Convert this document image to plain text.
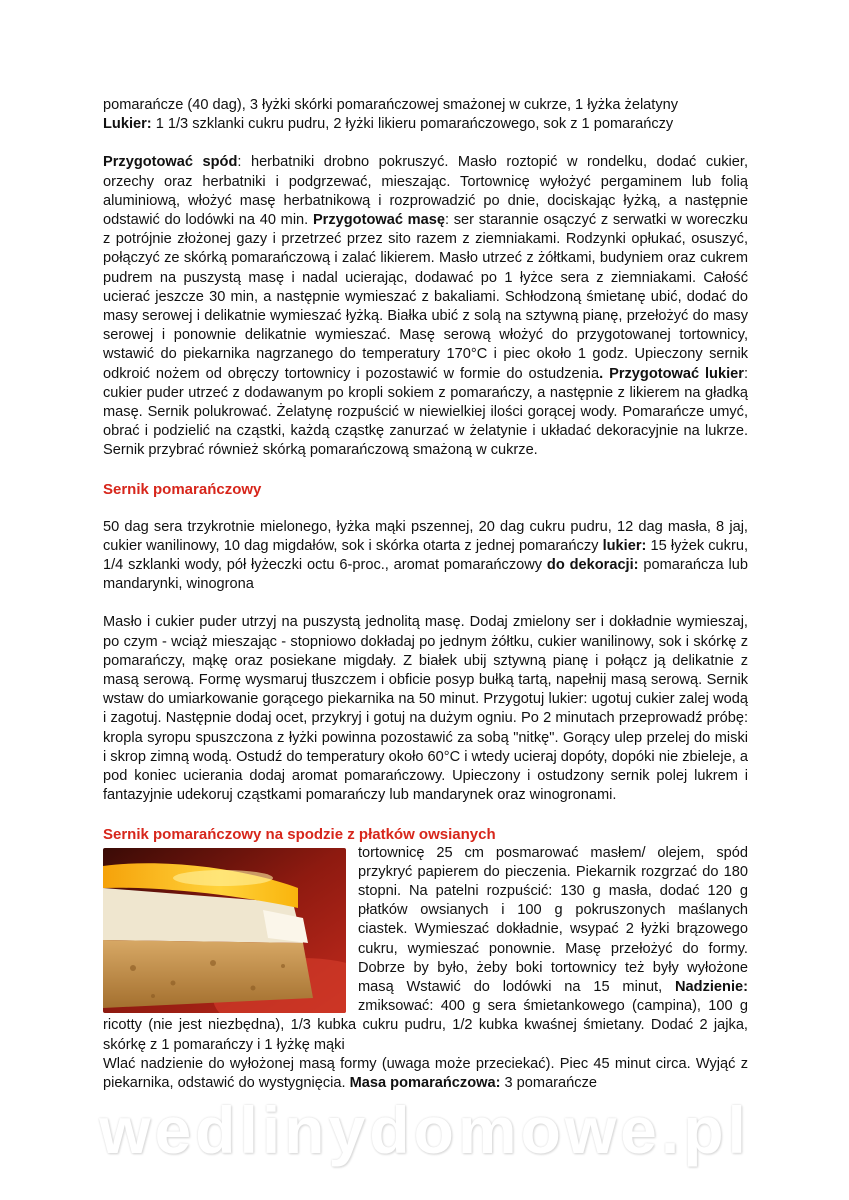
pomarańcze (40 dag), 3 łyżki skórki pomarańczowej smażonej w cukrze, 1 łyżka żelatyny
Lukier: 1 1/3 szklanki cukru pudru, 2 łyżki likieru pomarańczowego, sok z 1 pomarańczy

Przygotować spód: herbatniki drobno pokruszyć. Masło roztopić w rondelku, dodać cukier, orzechy oraz herbatniki i podgrzewać, mieszając. Tortownicę wyłożyć pergaminem lub folią aluminiową, włożyć masę herbatnikową i rozprowadzić po dnie, dociskając łyżką, a następnie odstawić do lodówki na 40 min. Przygotować masę: ser starannie osączyć z serwatki w woreczku z potrójnie złożonej gazy i przetrzeć przez sito razem z ziemniakami. Rodzynki opłukać, osuszyć, połączyć ze skórką pomarańczową i zalać likierem. Masło utrzeć z żółtkami, budyniem oraz cukrem pudrem na puszystą masę i nadal ucierając, dodawać po 1 łyżce sera z ziemniakami. Całość ucierać jeszcze 30 min, a następnie wymieszać z bakaliami. Schłodzoną śmietanę ubić, dodać do masy serowej i delikatnie wymieszać łyżką. Białka ubić z solą na sztywną pianę, przełożyć do masy serowej i ponownie delikatnie wymieszać. Masę serową włożyć do przygotowanej tortownicy, wstawić do piekarnika nagrzanego do temperatury 170°C i piec około 1 godz. Upieczony sernik odkroić nożem od obręczy tortownicy i pozostawić w formie do ostudzenia. Przygotować lukier: cukier puder utrzeć z dodawanym po kropli sokiem z pomarańczy, a następnie z likierem na gładką masę. Sernik polukrować. Żelatynę rozpuścić w niewielkiej ilości gorącej wody. Pomarańcze umyć, obrać i podzielić na cząstki, każdą cząstkę zanurzać w żelatynie i układać dekoracyjnie na lukrze. Sernik przybrać również skórką pomarańczową smażoną w cukrze.

Sernik pomarańczowy

50 dag sera trzykrotnie mielonego, łyżka mąki pszennej, 20 dag cukru pudru, 12 dag masła, 8 jaj, cukier wanilinowy, 10 dag migdałów, sok i skórka otarta z jednej pomarańczy lukier: 15 łyżek cukru, 1/4 szklanki wody, pół łyżeczki octu 6-proc., aromat pomarańczowy do dekoracji: pomarańcza lub mandarynki, winogrona

Masło i cukier puder utrzyj na puszystą jednolitą masę. Dodaj zmielony ser i dokładnie wymieszaj, po czym - wciąż mieszając - stopniowo dokładaj po jednym żółtku, cukier wanilinowy, sok i skórkę z pomarańczy, mąkę oraz posiekane migdały. Z białek ubij sztywną pianę i połącz ją delikatnie z masą serową. Formę wysmaruj tłuszczem i obficie posyp bułką tartą, napełnij masą serową. Sernik wstaw do umiarkowanie gorącego piekarnika na 50 minut. Przygotuj lukier: ugotuj cukier zalej wodą i zagotuj. Następnie dodaj ocet, przykryj i gotuj na dużym ogniu. Po 2 minutach przeprowadź próbę: kropla syropu spuszczona z łyżki powinna pozostawić za sobą "nitkę". Gorący ulep przelej do miski i skrop zimną wodą. Ostudź do temperatury około 60°C i wtedy ucieraj dopóty, dopóki nie zbieleje, a pod koniec ucierania dodaj aromat pomarańczowy. Upieczony i ostudzony sernik polej lukrem i fantazyjnie udekoruj cząstkami pomarańczy lub mandarynek oraz winogronami.

Sernik pomarańczowy na spodzie z płatków owsianych

tortownicę 25 cm posmarować masłem/ olejem, spód przykryć papierem do pieczenia. Piekarnik rozgrzać do 180 stopni. Na patelni rozpuścić: 130 g masła, dodać 120 g płatków owsianych i 100 g pokruszonych maślanych ciastek. Wymieszać dokładnie, wsypać 2 łyżki brązowego cukru, wymieszać ponownie. Masę przełożyć do formy. Dobrze by było, żeby boki tortownicy też były wyłożone masą Wstawić do lodówki na 15 minut, Nadzienie: zmiksować: 400 g sera śmietankowego (campina), 100 g ricotty (nie jest niezbędna), 1/3 kubka cukru pudru, 1/2 kubka kwaśnej śmietany. Dodać 2 jajka, skórkę z 1 pomarańczy i 1 łyżkę mąki

Wlać nadzienie do wyłożonej masą formy (uwaga może przeciekać). Piec 45 minut circa. Wyjąć z piekarnika, odstawić do wystygnięcia. Masa pomarańczowa: 3 pomarańcze

wedlinydomowe.pl
